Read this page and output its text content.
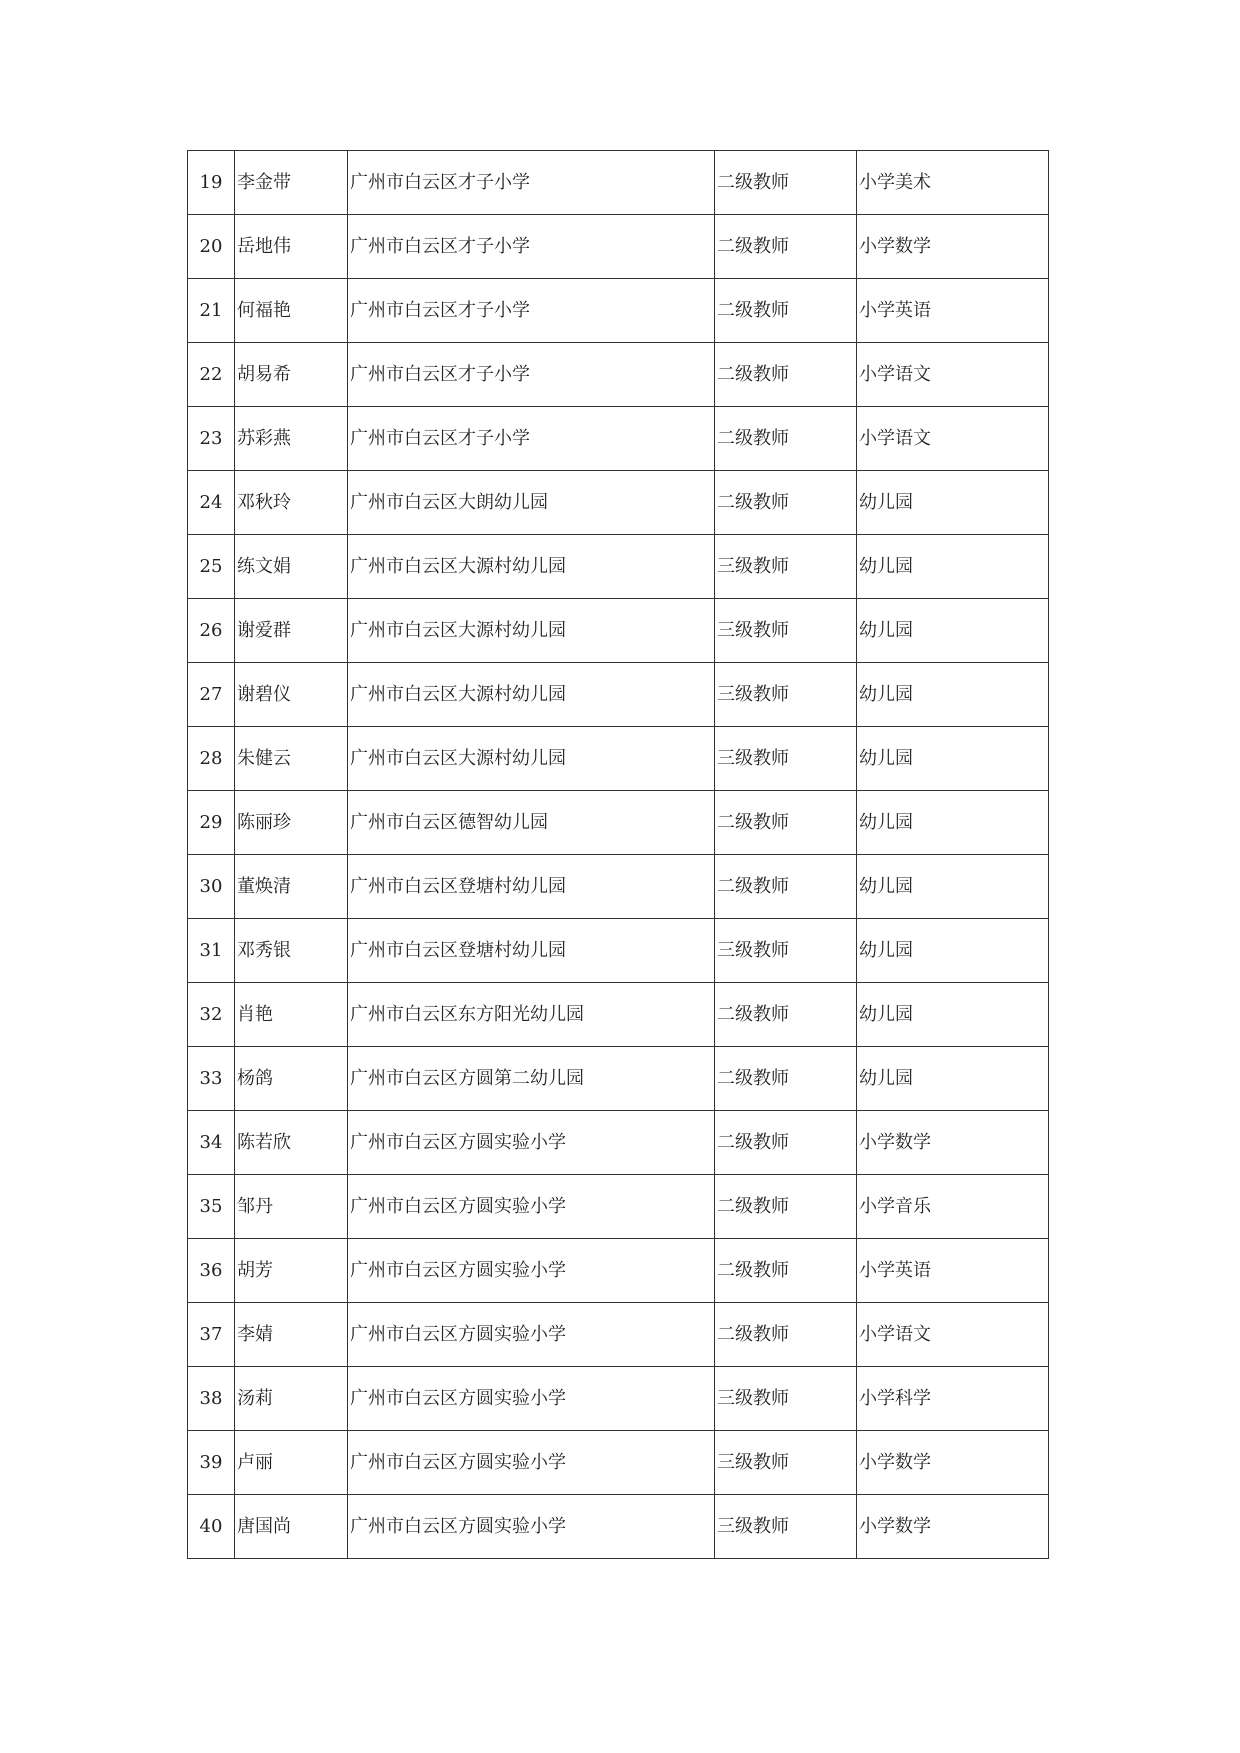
19	李金带	广州市白云区才子小学	二级教师	小学美术
20	岳地伟	广州市白云区才子小学	二级教师	小学数学
21	何福艳	广州市白云区才子小学	二级教师	小学英语
22	胡易希	广州市白云区才子小学	二级教师	小学语文
23	苏彩燕	广州市白云区才子小学	二级教师	小学语文
24	邓秋玲	广州市白云区大朗幼儿园	二级教师	幼儿园
25	练文娟	广州市白云区大源村幼儿园	三级教师	幼儿园
26	谢爱群	广州市白云区大源村幼儿园	三级教师	幼儿园
27	谢碧仪	广州市白云区大源村幼儿园	三级教师	幼儿园
28	朱健云	广州市白云区大源村幼儿园	三级教师	幼儿园
29	陈丽珍	广州市白云区德智幼儿园	二级教师	幼儿园
30	董焕清	广州市白云区登塘村幼儿园	二级教师	幼儿园
31	邓秀银	广州市白云区登塘村幼儿园	三级教师	幼儿园
32	肖艳	广州市白云区东方阳光幼儿园	二级教师	幼儿园
33	杨鸽	广州市白云区方圆第二幼儿园	二级教师	幼儿园
34	陈若欣	广州市白云区方圆实验小学	二级教师	小学数学
35	邹丹	广州市白云区方圆实验小学	二级教师	小学音乐
36	胡芳	广州市白云区方圆实验小学	二级教师	小学英语
37	李婧	广州市白云区方圆实验小学	二级教师	小学语文
38	汤莉	广州市白云区方圆实验小学	三级教师	小学科学
39	卢丽	广州市白云区方圆实验小学	三级教师	小学数学
40	唐国尚	广州市白云区方圆实验小学	三级教师	小学数学
